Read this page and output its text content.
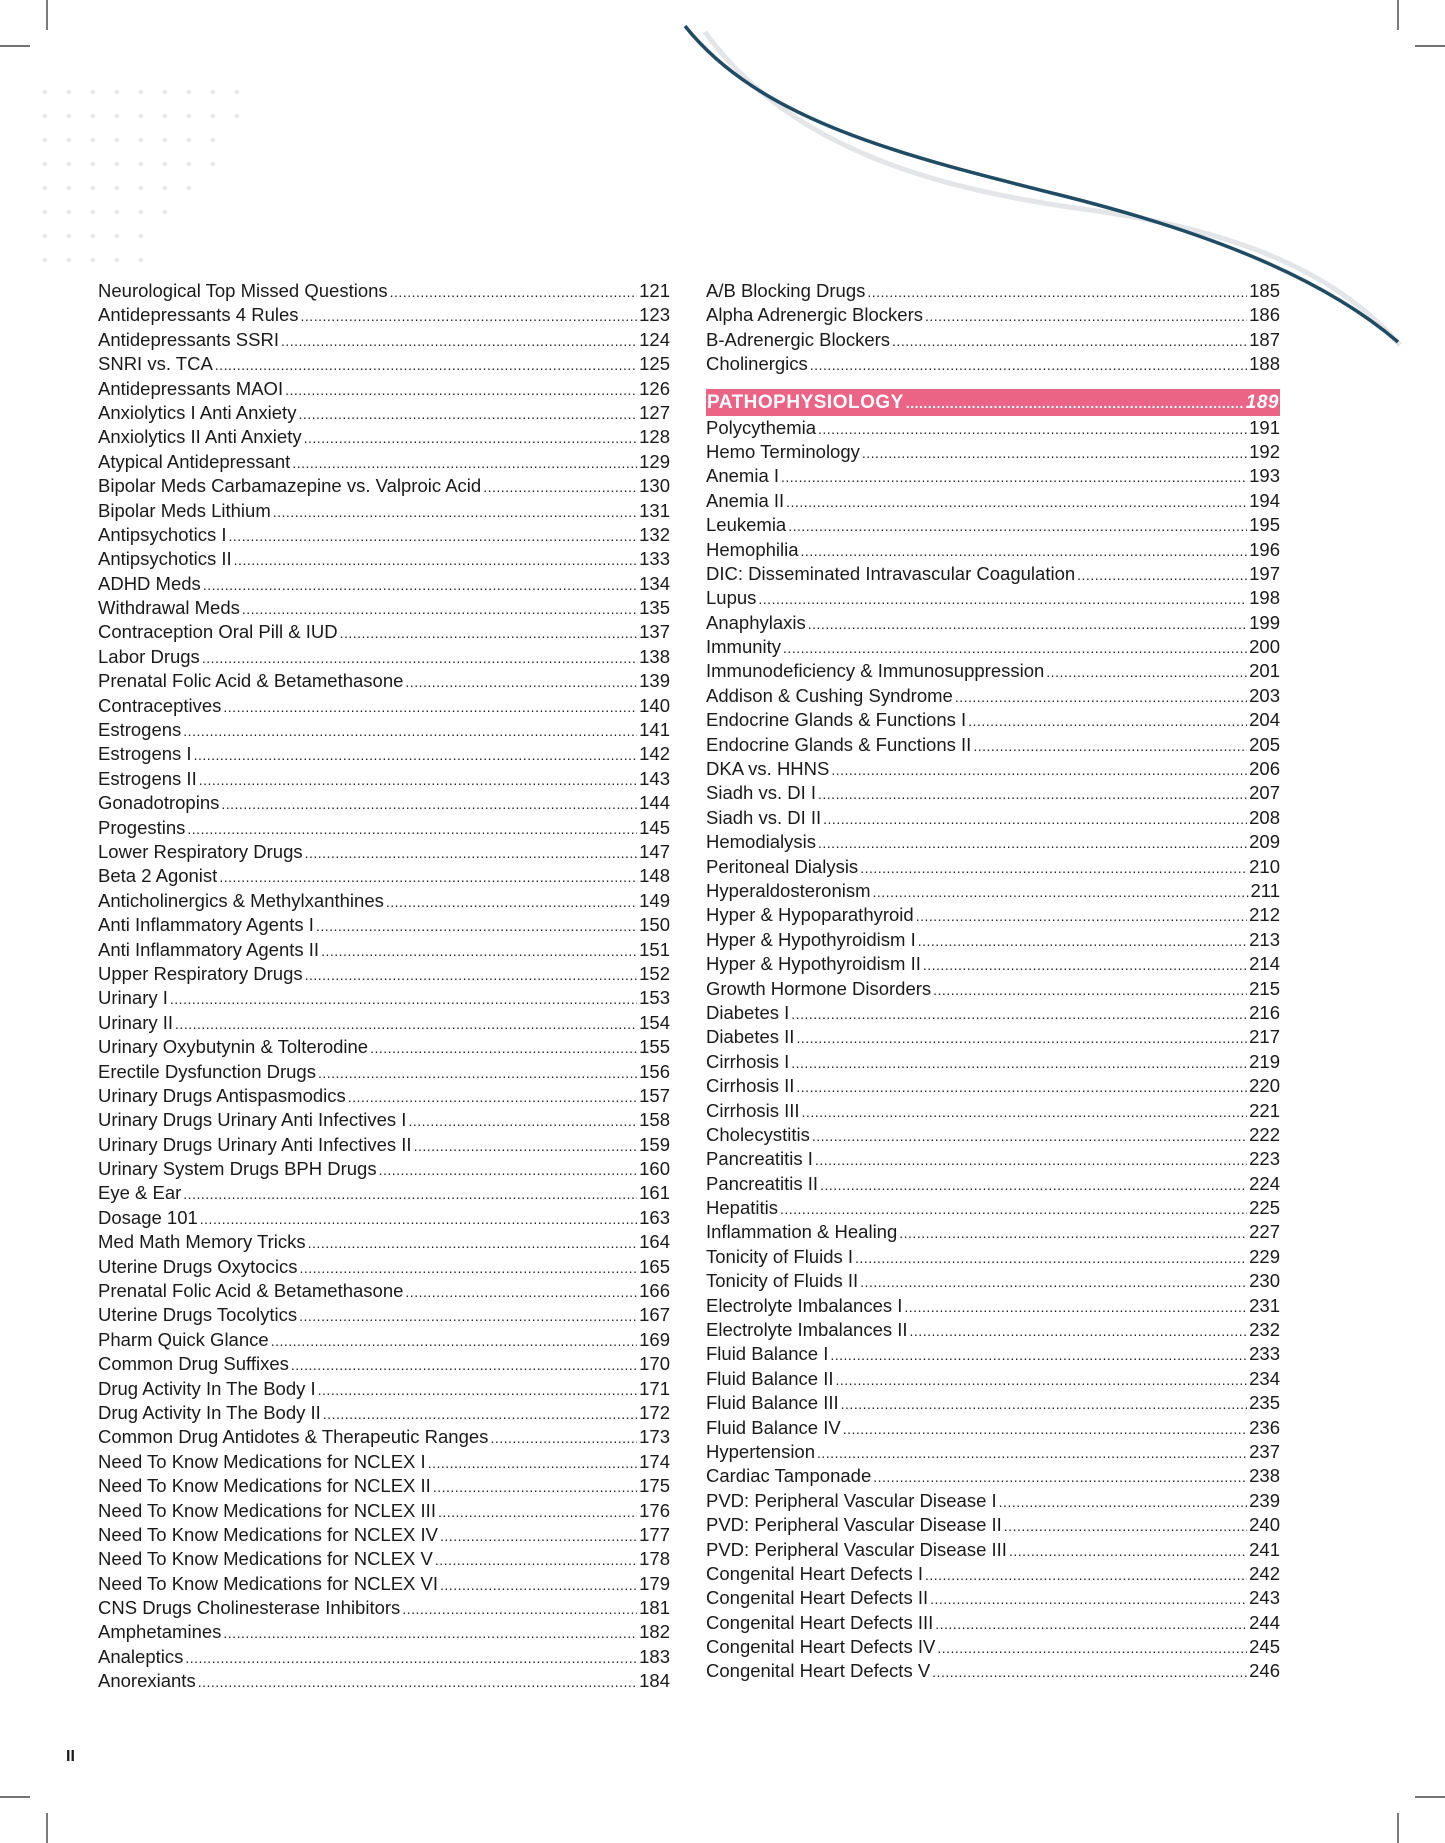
Neurological Top Missed Questions .....	121
Antidepressants 4 Rules .....	123
Antidepressants SSRI .....	124
SNRI vs. TCA .....	125
Antidepressants MAOI .....	126
Anxiolytics I Anti Anxiety .....	127
Anxiolytics II Anti Anxiety .....	128
Atypical Antidepressant .....	129
Bipolar Meds Carbamazepine vs. Valproic Acid .....	130
Bipolar Meds Lithium .....	131
Antipsychotics I .....	132
Antipsychotics II .....	133
ADHD Meds .....	134
Withdrawal Meds .....	135
Contraception Oral Pill & IUD .....	137
Labor Drugs .....	138
Prenatal Folic Acid & Betamethasone .....	139
Contraceptives .....	140
Estrogens .....	141
Estrogens I .....	142
Estrogens II .....	143
Gonadotropins .....	144
Progestins .....	145
Lower Respiratory Drugs .....	147
Beta 2 Agonist .....	148
Anticholinergics & Methylxanthines .....	149
Anti Inflammatory Agents I .....	150
Anti Inflammatory Agents II .....	151
Upper Respiratory Drugs .....	152
Urinary I .....	153
Urinary II .....	154
Urinary Oxybutynin & Tolterodine .....	155
Erectile Dysfunction Drugs .....	156
Urinary Drugs Antispasmodics .....	157
Urinary Drugs Urinary Anti Infectives I .....	158
Urinary Drugs Urinary Anti Infectives II .....	159
Urinary System Drugs BPH Drugs .....	160
Eye & Ear .....	161
Dosage 101 .....	163
Med Math Memory Tricks .....	164
Uterine Drugs Oxytocics .....	165
Prenatal Folic Acid & Betamethasone .....	166
Uterine Drugs Tocolytics .....	167
Pharm Quick Glance .....	169
Common Drug Suffixes .....	170
Drug Activity In The Body I .....	171
Drug Activity In The Body II .....	172
Common Drug Antidotes & Therapeutic Ranges .....	173
Need To Know Medications for NCLEX I .....	174
Need To Know Medications for NCLEX II .....	175
Need To Know Medications for NCLEX III .....	176
Need To Know Medications for NCLEX IV .....	177
Need To Know Medications for NCLEX V .....	178
Need To Know Medications for NCLEX VI .....	179
CNS Drugs Cholinesterase Inhibitors .....	181
Amphetamines .....	182
Analeptics .....	183
Anorexiants .....	184
A/B Blocking Drugs .....	185
Alpha Adrenergic Blockers .....	186
B-Adrenergic Blockers .....	187
Cholinergics .....	188
PATHOPHYSIOLOGY .....	189
Polycythemia .....	191
Hemo Terminology .....	192
Anemia I .....	193
Anemia II .....	194
Leukemia .....	195
Hemophilia .....	196
DIC: Disseminated Intravascular Coagulation .....	197
Lupus .....	198
Anaphylaxis .....	199
Immunity .....	200
Immunodeficiency & Immunosuppression .....	201
Addison & Cushing Syndrome .....	203
Endocrine Glands & Functions I .....	204
Endocrine Glands & Functions II .....	205
DKA vs. HHNS .....	206
Siadh vs. DI I .....	207
Siadh vs. DI II .....	208
Hemodialysis .....	209
Peritoneal Dialysis .....	210
Hyperaldosteronism .....	211
Hyper & Hypoparathyroid .....	212
Hyper & Hypothyroidism I .....	213
Hyper & Hypothyroidism II .....	214
Growth Hormone Disorders .....	215
Diabetes I .....	216
Diabetes II .....	217
Cirrhosis I .....	219
Cirrhosis II .....	220
Cirrhosis III .....	221
Cholecystitis .....	222
Pancreatitis I .....	223
Pancreatitis II .....	224
Hepatitis .....	225
Inflammation & Healing .....	227
Tonicity of Fluids I .....	229
Tonicity of Fluids II .....	230
Electrolyte Imbalances I .....	231
Electrolyte Imbalances II .....	232
Fluid Balance I .....	233
Fluid Balance II .....	234
Fluid Balance III .....	235
Fluid Balance IV .....	236
Hypertension .....	237
Cardiac Tamponade .....	238
PVD: Peripheral Vascular Disease I .....	239
PVD: Peripheral Vascular Disease II .....	240
PVD: Peripheral Vascular Disease III .....	241
Congenital Heart Defects I .....	242
Congenital Heart Defects II .....	243
Congenital Heart Defects III .....	244
Congenital Heart Defects IV .....	245
Congenital Heart Defects V .....	246
II
